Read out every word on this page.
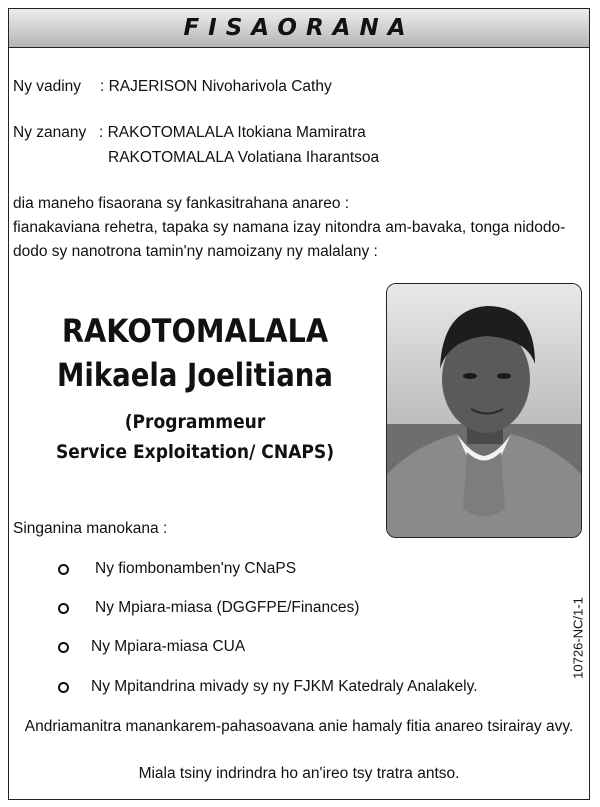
FISAORANA
Ny vadiny : RAJERISON Nivoharivola Cathy
Ny zanany : RAKOTOMALALA Itokiana Mamiratra
RAKOTOMALALA Volatiana Iharantsoa
dia maneho fisaorana sy fankasitrahana anareo :
fianakaviana rehetra, tapaka sy namana izay nitondra am-bavaka, tonga nidodo-
dodo sy nanotrona tamin'ny namoizany ny malalany :
RAKOTOMALALA
Mikaela Joelitiana
(Programmeur
Service Exploitation/ CNAPS)
Singanina manokana :
Ny fiombonamben'ny CNaPS
Ny Mpiara-miasa (DGGFPE/Finances)
Ny Mpiara-miasa CUA
Ny Mpitandrina mivady sy ny FJKM Katedraly Analakely.
10726-NC/1-1
Andriamanitra manankarem-pahasoavana anie hamaly fitia anareo tsirairay avy.
Miala tsiny indrindra ho an'ireo tsy tratra antso.
